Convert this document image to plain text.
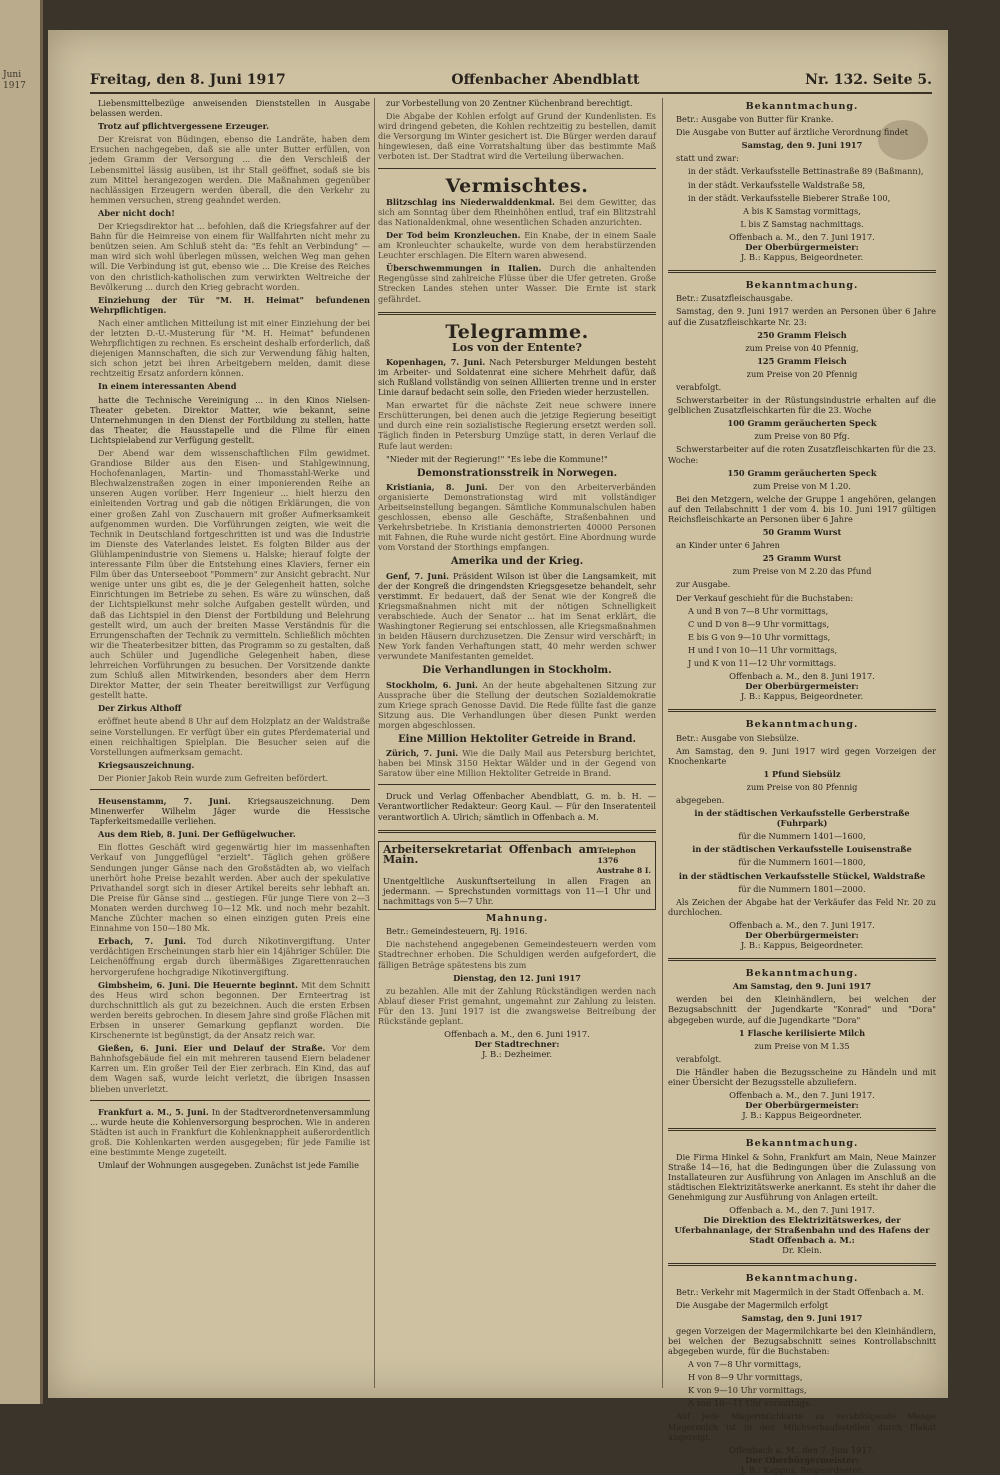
Juni 1917	Freitag, den 8. Juni 1917	Offenbacher Abendblatt	Nr. 132. Seite 5.

Liebensmittelbezüge anweisenden Dienststellen in Ausgabe belassen werden.

Trotz auf pflichtvergessene Erzeuger.

Der Kreisrat von Büdingen, ebenso die Landräte, haben dem Ersuchen nachgegeben, daß sie alle unter Butter erfüllen, von jedem Gramm der Versorgung ... die den Verschleiß der Lebensmittel lässig ausüben, ist ihr Stall geöffnet, sodaß sie bis zum Mittel herangezogen werden. Die Maßnahmen gegenüber nachlässigen Erzeugern werden überall, die den Verkehr zu hemmen versuchen, streng geahndet werden.

Aber nicht doch!

Der Kriegsdirektor hat ... befohlen, daß die Kriegsfahrer auf der Bahn für die Heimreise von einem für Wallfahrten nicht mehr zu benützen seien. Am Schluß steht da: "Es fehlt an Verbindung" — man wird sich wohl überlegen müssen, welchen Weg man gehen will. Die Verbindung ist gut, ebenso wie ... Die Kreise des Reiches von den christlich-katholischen zum verwirkten Weltreiche der Bevölkerung ... durch den Krieg gebracht worden.

Einziehung der Tür "M. H. Heimat" befundenen Wehrpflichtigen.

Nach einer amtlichen Mitteilung ist mit einer Einziehung der bei der letzten D.-U.-Musterung für "M. H. Heimat" befundenen Wehrpflichtigen zu rechnen. Es erscheint deshalb erforderlich, daß diejenigen Mannschaften, die sich zur Verwendung fähig halten, sich schon jetzt bei ihren Arbeitgebern melden, damit diese rechtzeitig Ersatz anfordern können.

In einem interessanten Abend

hatte die Technische Vereinigung ... in den Kinos Nielsen-Theater gebeten. Direktor Matter, wie bekannt, seine Unternehmungen in den Dienst der Fortbildung zu stellen, hatte das Theater, die Hausstapelle und die Filme für einen Lichtspielabend zur Verfügung gestellt.

Der Abend war dem wissenschaftlichen Film gewidmet. Grandiose Bilder aus den Eisen- und Stahlgewinnung, Hochofenanlagen, Martin- und Thomasstahl-Werke und Blechwalzenstraßen zogen in einer imponierenden Reihe an unseren Augen vorüber. Herr Ingenieur ... hielt hierzu den einleitenden Vortrag und gab die nötigen Erklärungen, die von einer großen Zahl von Zuschauern mit großer Aufmerksamkeit aufgenommen wurden. Die Vorführungen zeigten, wie weit die Technik in Deutschland fortgeschritten ist und was die Industrie im Dienste des Vaterlandes leistet. Es folgten Bilder aus der Glühlampenindustrie von Siemens u. Halske; hierauf folgte der interessante Film über die Entstehung eines Klaviers, ferner ein Film über das Unterseeboot "Pommern" zur Ansicht gebracht. Nur wenige unter uns gibt es, die je der Gelegenheit hatten, solche Einrichtungen im Betriebe zu sehen. Es wäre zu wünschen, daß der Lichtspielkunst mehr solche Aufgaben gestellt würden, und daß das Lichtspiel in den Dienst der Fortbildung und Belehrung gestellt wird, um auch der breiten Masse Verständnis für die Errungenschaften der Technik zu vermitteln. Schließlich möchten wir die Theaterbesitzer bitten, das Programm so zu gestalten, daß auch Schüler und Jugendliche Gelegenheit haben, diese lehrreichen Vorführungen zu besuchen. Der Vorsitzende dankte zum Schluß allen Mitwirkenden, besonders aber dem Herrn Direktor Matter, der sein Theater bereitwilligst zur Verfügung gestellt hatte.

Der Zirkus Althoff

eröffnet heute abend 8 Uhr auf dem Holzplatz an der Waldstraße seine Vorstellungen. Er verfügt über ein gutes Pferdematerial und einen reichhaltigen Spielplan. Die Besucher seien auf die Vorstellungen aufmerksam gemacht.

Kriegsauszeichnung.

Der Pionier Jakob Rein wurde zum Gefreiten befördert.

Heusenstamm, 7. Juni. Kriegsauszeichnung. Dem Minenwerfer Wilhelm Jäger wurde die Hessische Tapferkeitsmedaille verliehen.

Aus dem Rieb, 8. Juni. Der Geflügelwucher.

Ein flottes Geschäft wird gegenwärtig hier im massenhaften Verkauf von Junggeflügel "erzielt". Täglich gehen größere Sendungen junger Gänse nach den Großstädten ab, wo vielfach unerhört hohe Preise bezahlt werden. Aber auch der spekulative Privathandel sorgt sich in dieser Artikel bereits sehr lebhaft an. Die Preise für Gänse sind ... gestiegen. Für junge Tiere von 2—3 Monaten werden durchweg 10—12 Mk. und noch mehr bezahlt. Manche Züchter machen so einen einzigen guten Preis eine Einnahme von 150—180 Mk.

Erbach, 7. Juni. Tod durch Nikotinvergiftung. Unter verdächtigen Erscheinungen starb hier ein 14jähriger Schüler. Die Leichenöffnung ergab durch übermäßiges Zigarettenrauchen hervorgerufene hochgradige Nikotinvergiftung.

Gimbsheim, 6. Juni. Die Heuernte beginnt. Mit dem Schnitt des Heus wird schon begonnen. Der Ernteertrag ist durchschnittlich als gut zu bezeichnen. Auch die ersten Erbsen werden bereits gebrochen. In diesem Jahre sind große Flächen mit Erbsen in unserer Gemarkung gepflanzt worden. Die Kirschenernte ist begünstigt, da der Ansatz reich war.

Gießen, 6. Juni. Eier und Delauf der Straße. Vor dem Bahnhofsgebäude fiel ein mit mehreren tausend Eiern beladener Karren um. Ein großer Teil der Eier zerbrach. Ein Kind, das auf dem Wagen saß, wurde leicht verletzt, die übrigen Insassen blieben unverletzt.

Frankfurt a. M., 5. Juni. In der Stadtverordnetenversammlung ... wurde heute die Kohlenversorgung besprochen. Wie in anderen Städten ist auch in Frankfurt die Kohlenknappheit außerordentlich groß. Die Kohlenkarten werden ausgegeben; für jede Familie ist eine bestimmte Menge zugeteilt.

Umlauf der Wohnungen ausgegeben. Zunächst ist jede Familie

zur Vorbestellung von 20 Zentner Küchenbrand berechtigt.

Die Abgabe der Kohlen erfolgt auf Grund der Kundenlisten. Es wird dringend gebeten, die Kohlen rechtzeitig zu bestellen, damit die Versorgung im Winter gesichert ist. Die Bürger werden darauf hingewiesen, daß eine Vorratshaltung über das bestimmte Maß verboten ist. Der Stadtrat wird die Verteilung überwachen.

Vermischtes.

Blitzschlag ins Niederwalddenkmal. Bei dem Gewitter, das sich am Sonntag über dem Rheinhöhen entlud, traf ein Blitzstrahl das Nationaldenkmal, ohne wesentlichen Schaden anzurichten.

Der Tod beim Kronzleuchen. Ein Knabe, der in einem Saale am Kronleuchter schaukelte, wurde von dem herabstürzenden Leuchter erschlagen. Die Eltern waren abwesend.

Überschwemmungen in Italien. Durch die anhaltenden Regengüsse sind zahlreiche Flüsse über die Ufer getreten. Große Strecken Landes stehen unter Wasser. Die Ernte ist stark gefährdet.

Telegramme.
Los von der Entente?

Kopenhagen, 7. Juni. Nach Petersburger Meldungen besteht im Arbeiter- und Soldatenrat eine sichere Mehrheit dafür, daß sich Rußland vollständig von seinen Alliierten trenne und in erster Linie darauf bedacht sein solle, den Frieden wieder herzustellen.

Man erwartet für die nächste Zeit neue schwere innere Erschütterungen, bei denen auch die jetzige Regierung beseitigt und durch eine rein sozialistische Regierung ersetzt werden soll. Täglich finden in Petersburg Umzüge statt, in deren Verlauf die Rufe laut werden:

"Nieder mit der Regierung!" "Es lebe die Kommune!"

Demonstrationsstreik in Norwegen.

Kristiania, 8. Juni. Der von den Arbeiterverbänden organisierte Demonstrationstag wird mit vollständiger Arbeitseinstellung begangen. Sämtliche Kommunalschulen haben geschlossen, ebenso alle Geschäfte, Straßenbahnen und Verkehrsbetriebe. In Kristiania demonstrierten 40000 Personen mit Fahnen, die Ruhe wurde nicht gestört. Eine Abordnung wurde vom Vorstand der Storthings empfangen.

Amerika und der Krieg.

Genf, 7. Juni. Präsident Wilson ist über die Langsamkeit, mit der der Kongreß die dringendsten Kriegsgesetze behandelt, sehr verstimmt. Er bedauert, daß der Senat wie der Kongreß die Kriegsmaßnahmen nicht mit der nötigen Schnelligkeit verabschiede. Auch der Senator ... hat im Senat erklärt, die Washingtoner Regierung sei entschlossen, alle Kriegsmaßnahmen in beiden Häusern durchzusetzen. Die Zensur wird verschärft; in New York fanden Verhaftungen statt, 40 mehr werden schwer verwundete Manifestanten gemeldet.

Die Verhandlungen in Stockholm.

Stockholm, 6. Juni. An der heute abgehaltenen Sitzung zur Aussprache über die Stellung der deutschen Sozialdemokratie zum Kriege sprach Genosse David. Die Rede füllte fast die ganze Sitzung aus. Die Verhandlungen über diesen Punkt werden morgen abgeschlossen.

Eine Million Hektoliter Getreide in Brand.

Zürich, 7. Juni. Wie die Daily Mail aus Petersburg berichtet, haben bei Minsk 3150 Hektar Wälder und in der Gegend von Saratow über eine Million Hektoliter Getreide in Brand.

Druck und Verlag Offenbacher Abendblatt, G. m. b. H. — Verantwortlicher Redakteur: Georg Kaul. — Für den Inseratenteil verantwortlich A. Ulrich; sämtlich in Offenbach a. M.

Arbeitersekretariat Offenbach am Main.
Telephon 1376
Austrahe 8 I.
Unentgeltliche Auskunftserteilung in allen Fragen an jedermann. — Sprechstunden vormittags von 11—1 Uhr und nachmittags von 5—7 Uhr.
Mahnung.

Betr.: Gemeindesteuern, Rj. 1916.

Die nachstehend angegebenen Gemeindesteuern werden vom Stadtrechner erhoben. Die Schuldigen werden aufgefordert, die fälligen Beträge spätestens bis zum

Dienstag, den 12. Juni 1917

zu bezahlen. Alle mit der Zahlung Rückständigen werden nach Ablauf dieser Frist gemahnt, ungemahnt zur Zahlung zu leisten. Für den 13. Juni 1917 ist die zwangsweise Beitreibung der Rückstände geplant.

Offenbach a. M., den 6. Juni 1917.
Der Stadtrechner:
J. B.: Dezheimer.
Bekanntmachung.

Betr.: Ausgabe von Butter für Kranke.

Die Ausgabe von Butter auf ärztliche Verordnung findet

Samstag, den 9. Juni 1917

statt und zwar:

in der städt. Verkaufsstelle Bettinastraße 89 (Baßmann),

in der städt. Verkaufsstelle Waldstraße 58,

in der städt. Verkaufsstelle Bieberer Straße 100,

A bis K Samstag vormittags,

L bis Z Samstag nachmittags.

Offenbach a. M., den 7. Juni 1917.
Der Oberbürgermeister:
J. B.: Kappus, Beigeordneter.
Bekanntmachung.

Betr.: Zusatzfleischausgabe.

Samstag, den 9. Juni 1917 werden an Personen über 6 Jahre auf die Zusatzfleischkarte Nr. 23:

250 Gramm Fleisch

zum Preise von 40 Pfennig,

125 Gramm Fleisch

zum Preise von 20 Pfennig

verabfolgt.

Schwerstarbeiter in der Rüstungsindustrie erhalten auf die gelblichen Zusatzfleischkarten für die 23. Woche

100 Gramm geräucherten Speck

zum Preise von 80 Pfg.

Schwerstarbeiter auf die roten Zusatzfleischkarten für die 23. Woche:

150 Gramm geräucherten Speck

zum Preise von M 1.20.

Bei den Metzgern, welche der Gruppe 1 angehören, gelangen auf den Teilabschnitt 1 der vom 4. bis 10. Juni 1917 gültigen Reichsfleischkarte an Personen über 6 Jahre

50 Gramm Wurst

an Kinder unter 6 Jahren

25 Gramm Wurst

zum Preise von M 2.20 das Pfund

zur Ausgabe.

Der Verkauf geschieht für die Buchstaben:

A und B von 7—8 Uhr vormittags,

C und D von 8—9 Uhr vormittags,

E bis G von 9—10 Uhr vormittags,

H und I von 10—11 Uhr vormittags,

J und K von 11—12 Uhr vormittags.

Offenbach a. M., den 8. Juni 1917.
Der Oberbürgermeister:
J. B.: Kappus, Beigeordneter.
Bekanntmachung.

Betr.: Ausgabe von Siebsülze.

Am Samstag, den 9. Juni 1917 wird gegen Vorzeigen der Knochenkarte

1 Pfund Siebsülz

zum Preise von 80 Pfennig

abgegeben.

in der städtischen Verkaufsstelle Gerberstraße (Fuhrpark)

für die Nummern 1401—1600,

in der städtischen Verkaufsstelle Louisenstraße

für die Nummern 1601—1800,

in der städtischen Verkaufsstelle Stückel, Waldstraße

für die Nummern 1801—2000.

Als Zeichen der Abgabe hat der Verkäufer das Feld Nr. 20 zu durchlochen.

Offenbach a. M., den 7. Juni 1917.
Der Oberbürgermeister:
J. B.: Kappus, Beigeordneter.
Bekanntmachung.

Am Samstag, den 9. Juni 1917

werden bei den Kleinhändlern, bei welchen der Bezugsabschnitt der Jugendkarte "Konrad" und "Dora" abgegeben wurde, auf die Jugendkarte "Dora"

1 Flasche kerilisierte Milch

zum Preise von M 1.35

verabfolgt.

Die Händler haben die Bezugsscheine zu Händeln und mit einer Übersicht der Bezugsstelle abzuliefern.

Offenbach a. M., den 7. Juni 1917.
Der Oberbürgermeister:
J. B.: Kappus Beigeordneter.
Bekanntmachung.

Die Firma Hinkel & Sohn, Frankfurt am Main, Neue Mainzer Straße 14—16, hat die Bedingungen über die Zulassung von Installateuren zur Ausführung von Anlagen im Anschluß an die städtischen Elektrizitätswerke anerkannt. Es steht ihr daher die Genehmigung zur Ausführung von Anlagen erteilt.

Offenbach a. M., den 7. Juni 1917.
Die Direktion des Elektrizitätswerkes, der Uferbahnanlage, der Straßenbahn und des Hafens der Stadt Offenbach a. M.:
Dr. Klein.
Bekanntmachung.

Betr.: Verkehr mit Magermilch in der Stadt Offenbach a. M.

Die Ausgabe der Magermilch erfolgt

Samstag, den 9. Juni 1917

gegen Vorzeigen der Magermilchkarte bei den Kleinhändlern, bei welchen der Bezugsabschnitt seines Kontrollabschnitt abgegeben wurde, für die Buchstaben:

A von 7—8 Uhr vormittags,

H von 8—9 Uhr vormittags,

K von 9—10 Uhr vormittags,

A von 10—11 Uhr vormittags.

Auf jede Magermilchkarte zu verabfolgende Menge Magermilch ist in den Milchverkaufsstellen durch Plakat angezeigt.

Offenbach a. M., den 7. Juni 1917.
Der Oberbürgermeister:
J. B.: Kappus, Beigeordneter.
